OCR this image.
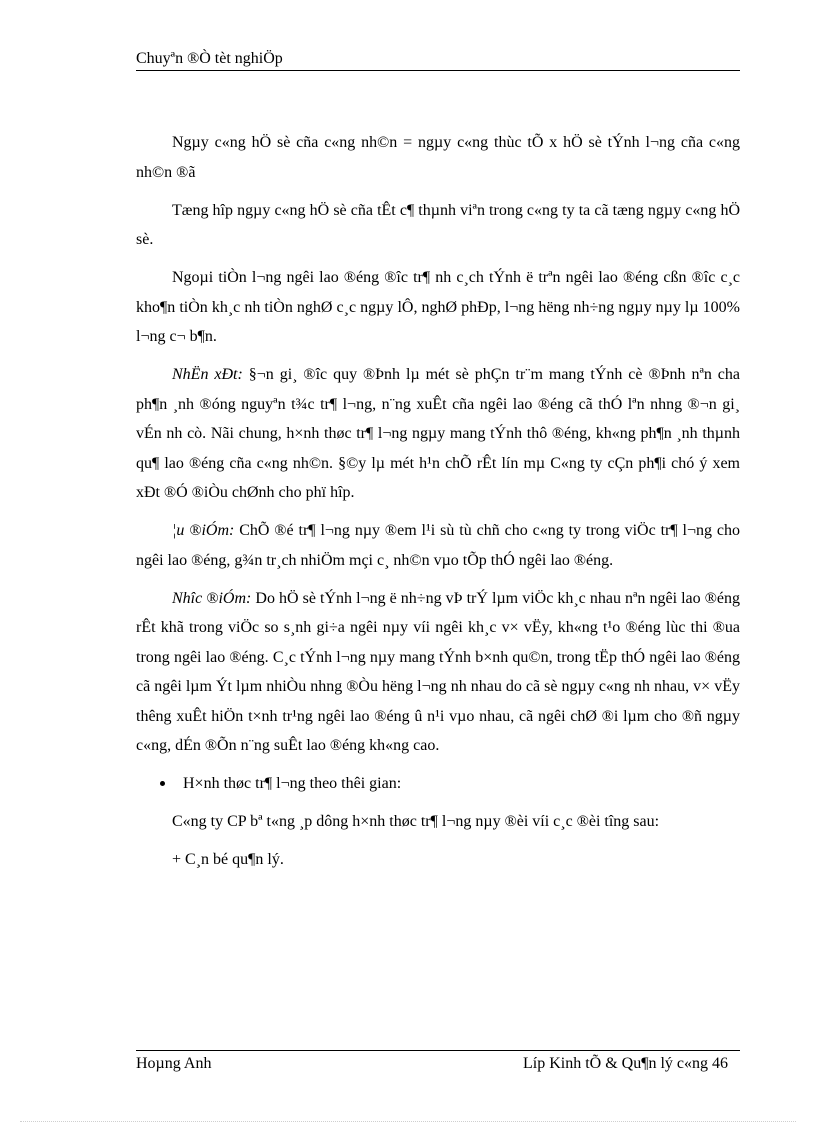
Chuyªn ®Ò tèt nghiÖp

Ngµy c«ng hÖ sè cña c«ng nh©n = ngµy c«ng thùc tÕ x hÖ sè tÝnh l¬ng cña c«ng nh©n ®ã

Tæng hîp ngµy c«ng hÖ sè cña tÊt c¶ thµnh viªn trong c«ng ty ta cã tæng ngµy c«ng hÖ sè.

Ngoµi tiÒn l¬ng ngêi lao ®éng ®îc tr¶ nh c¸ch tÝnh ë trªn ngêi lao ®éng cßn ®îc c¸c kho¶n tiÒn kh¸c nh tiÒn nghØ c¸c ngµy lÔ, nghØ phÐp, l¬ng hëng nh÷ng ngµy nµy lµ 100% l¬ng c¬ b¶n.

NhËn xÐt: §¬n gi¸ ®îc quy ®Þnh lµ mét sè phÇn tr¨m mang tÝnh cè ®Þnh nªn cha ph¶n ¸nh ®óng nguyªn t¾c tr¶ l¬ng, n¨ng xuÊt cña ngêi lao ®éng cã thÓ lªn nhng ®¬n gi¸ vÉn nh cò. Nãi chung, h×nh thøc tr¶ l¬ng ngµy mang tÝnh thô ®éng, kh«ng ph¶n ¸nh thµnh qu¶ lao ®éng cña c«ng nh©n. §©y lµ mét h¹n chÕ rÊt lín mµ C«ng ty cÇn ph¶i chó ý xem xÐt ®Ó ®iÒu chØnh cho phï hîp.

¦u ®iÓm: ChÕ ®é tr¶ l¬ng nµy ®em l¹i sù tù chñ cho c«ng ty trong viÖc tr¶ l¬ng cho ngêi lao ®éng, g¾n tr¸ch nhiÖm mçi c¸ nh©n vµo tÕp thÓ ngêi lao ®éng.

Nhîc ®iÓm: Do hÖ sè tÝnh l¬ng ë nh÷ng vÞ trÝ lµm viÖc kh¸c nhau nªn ngêi lao ®éng rÊt khã trong viÖc so s¸nh gi÷a ngêi nµy víi ngêi kh¸c v× vËy, kh«ng t¹o ®éng lùc thi ®ua trong ngêi lao ®éng. C¸c tÝnh l¬ng nµy mang tÝnh b×nh qu©n, trong tËp thÓ ngêi lao ®éng cã ngêi lµm Ýt lµm nhiÒu nhng ®Òu hëng l¬ng nh nhau do cã sè ngµy c«ng nh nhau, v× vËy thêng xuÊt hiÖn t×nh tr¹ng ngêi lao ®éng û n¹i vµo nhau, cã ngêi chØ ®i lµm cho ®ñ ngµy c«ng, dÉn ®Õn n¨ng suÊt lao ®éng kh«ng cao.

H×nh thøc tr¶ l¬ng theo thêi gian:

C«ng ty CP bª t«ng ¸p dông h×nh thøc tr¶ l¬ng nµy ®èi víi c¸c ®èi tîng sau:

+ C¸n bé qu¶n lý.

Hoµng Anh	Líp Kinh tÕ & Qu¶n lý c«ng 46
